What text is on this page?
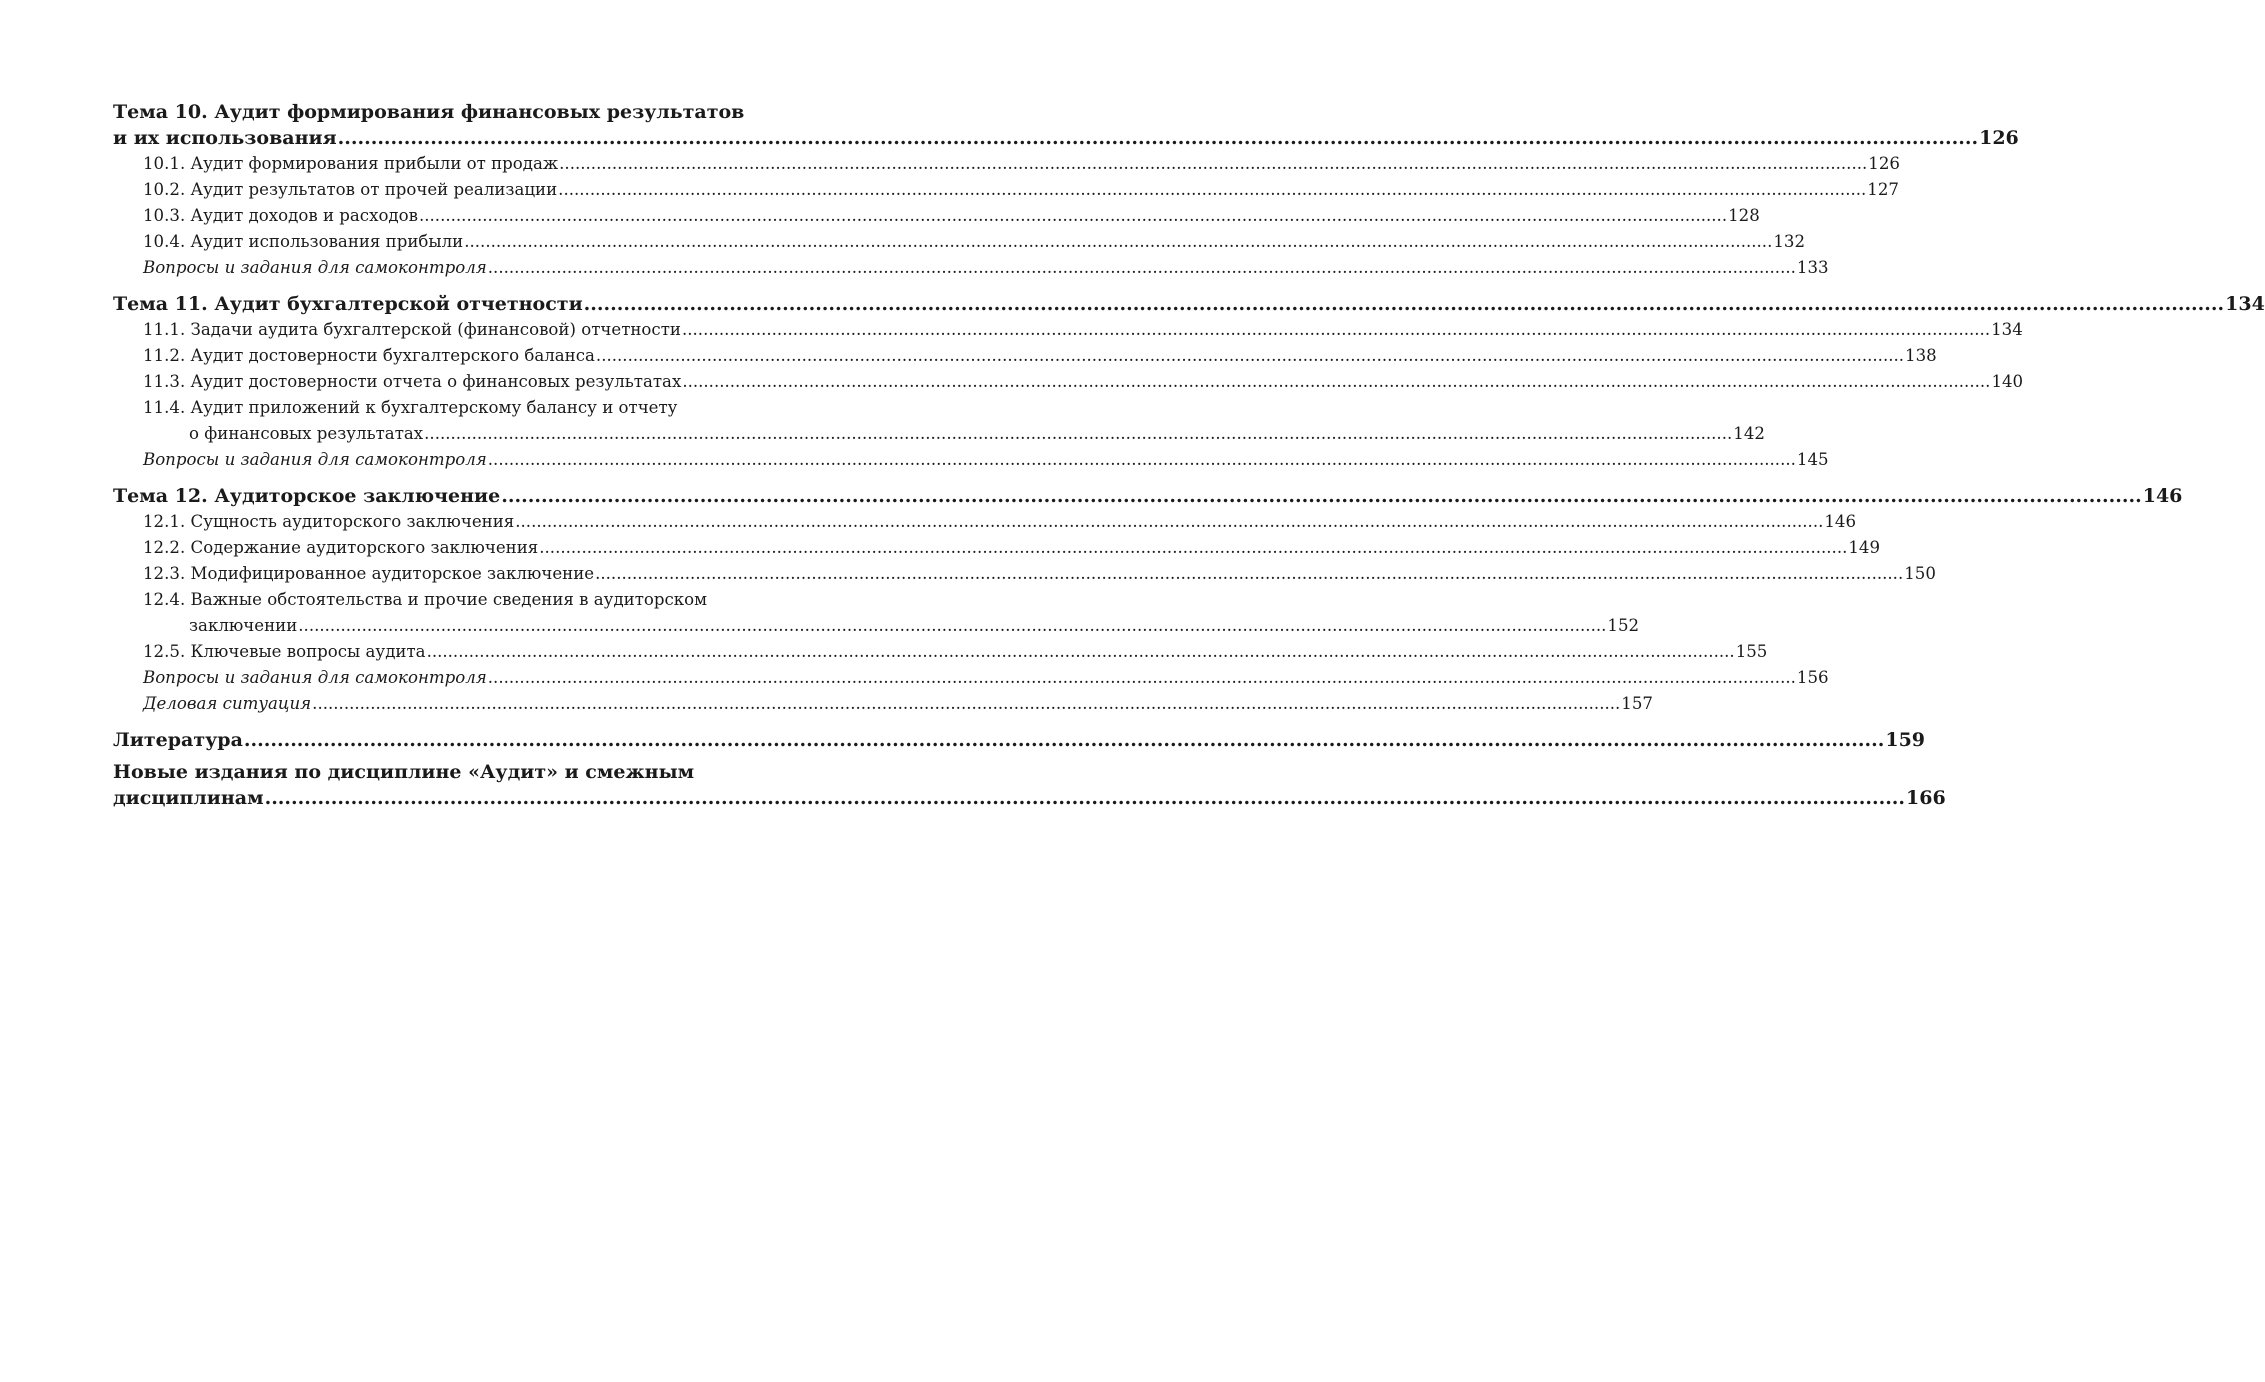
Тема 10. Аудит формирования финансовых результатов
и их использования .....	126
10.1. Аудит формирования прибыли от продаж .....	126
10.2. Аудит результатов от прочей реализации .....	127
10.3. Аудит доходов и расходов .....	128
10.4. Аудит использования прибыли .....	132
Вопросы и задания для самоконтроля .....	133
Тема 11. Аудит бухгалтерской отчетности .....	134
11.1. Задачи аудита бухгалтерской (финансовой) отчетности .....	134
11.2. Аудит достоверности бухгалтерского баланса .....	138
11.3. Аудит достоверности отчета о финансовых результатах .....	140
11.4. Аудит приложений к бухгалтерскому балансу и отчету
о финансовых результатах .....	142
Вопросы и задания для самоконтроля .....	145
Тема 12. Аудиторское заключение .....	146
12.1. Сущность аудиторского заключения .....	146
12.2. Содержание аудиторского заключения .....	149
12.3. Модифицированное аудиторское заключение .....	150
12.4. Важные обстоятельства и прочие сведения в аудиторском
заключении .....	152
12.5. Ключевые вопросы аудита .....	155
Вопросы и задания для самоконтроля .....	156
Деловая ситуация .....	157
Литература .....	159
Новые издания по дисциплине «Аудит» и смежным
дисциплинам .....	166
